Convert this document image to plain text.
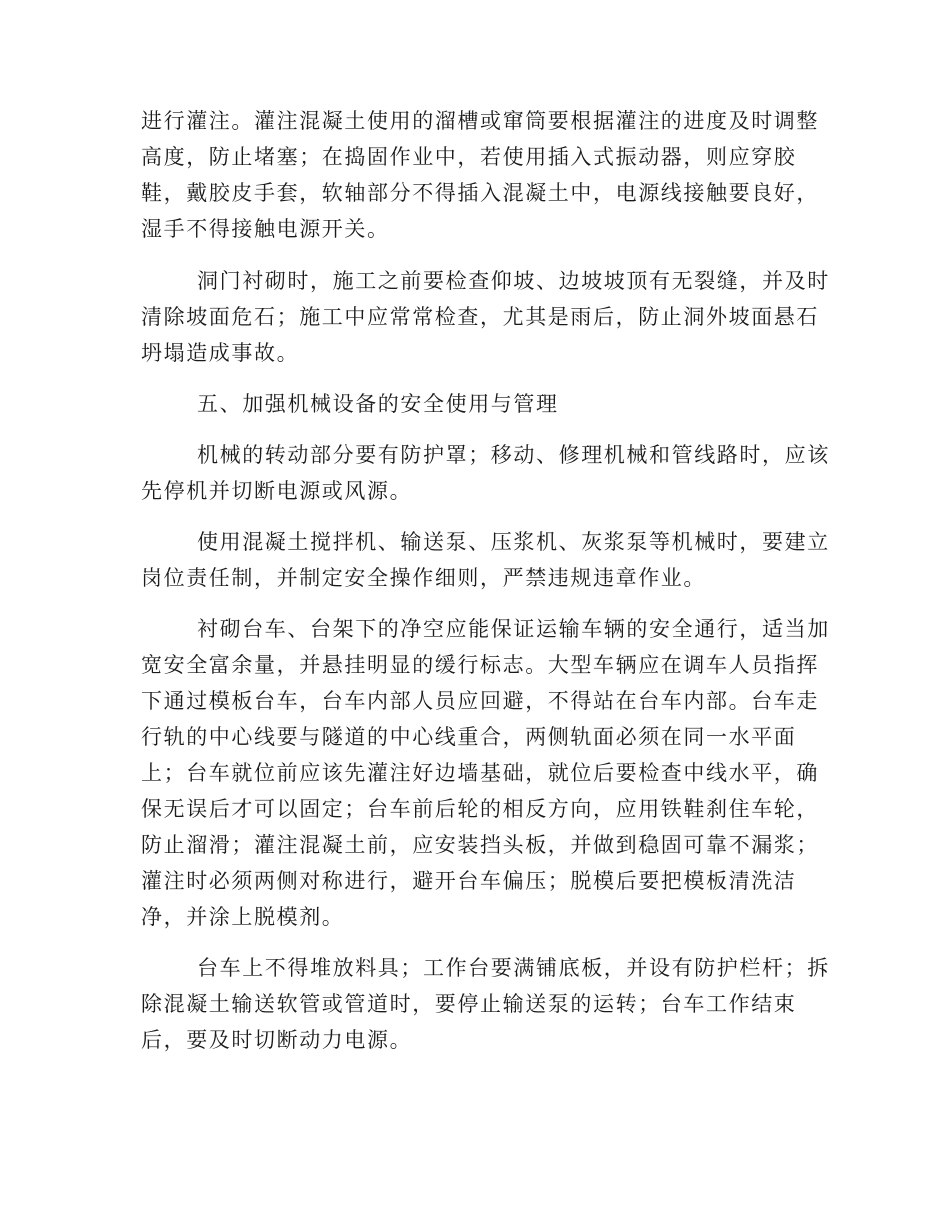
进行灌注。灌注混凝土使用的溜槽或窜筒要根据灌注的进度及时调整
高度，防止堵塞；在捣固作业中，若使用插入式振动器，则应穿胶
鞋，戴胶皮手套，软轴部分不得插入混凝土中，电源线接触要良好，
湿手不得接触电源开关。
洞门衬砌时，施工之前要检查仰坡、边坡坡顶有无裂缝，并及时
清除坡面危石；施工中应常常检查，尤其是雨后，防止洞外坡面悬石
坍塌造成事故。
五、加强机械设备的安全使用与管理
机械的转动部分要有防护罩；移动、修理机械和管线路时，应该
先停机并切断电源或风源。
使用混凝土搅拌机、输送泵、压浆机、灰浆泵等机械时，要建立
岗位责任制，并制定安全操作细则，严禁违规违章作业。
衬砌台车、台架下的净空应能保证运输车辆的安全通行，适当加
宽安全富余量，并悬挂明显的缓行标志。大型车辆应在调车人员指挥
下通过模板台车，台车内部人员应回避，不得站在台车内部。台车走
行轨的中心线要与隧道的中心线重合，两侧轨面必须在同一水平面
上；台车就位前应该先灌注好边墙基础，就位后要检查中线水平，确
保无误后才可以固定；台车前后轮的相反方向，应用铁鞋刹住车轮，
防止溜滑；灌注混凝土前，应安装挡头板，并做到稳固可靠不漏浆；
灌注时必须两侧对称进行，避开台车偏压；脱模后要把模板清洗洁
净，并涂上脱模剂。
台车上不得堆放料具；工作台要满铺底板，并设有防护栏杆；拆
除混凝土输送软管或管道时，要停止输送泵的运转；台车工作结束
后，要及时切断动力电源。
